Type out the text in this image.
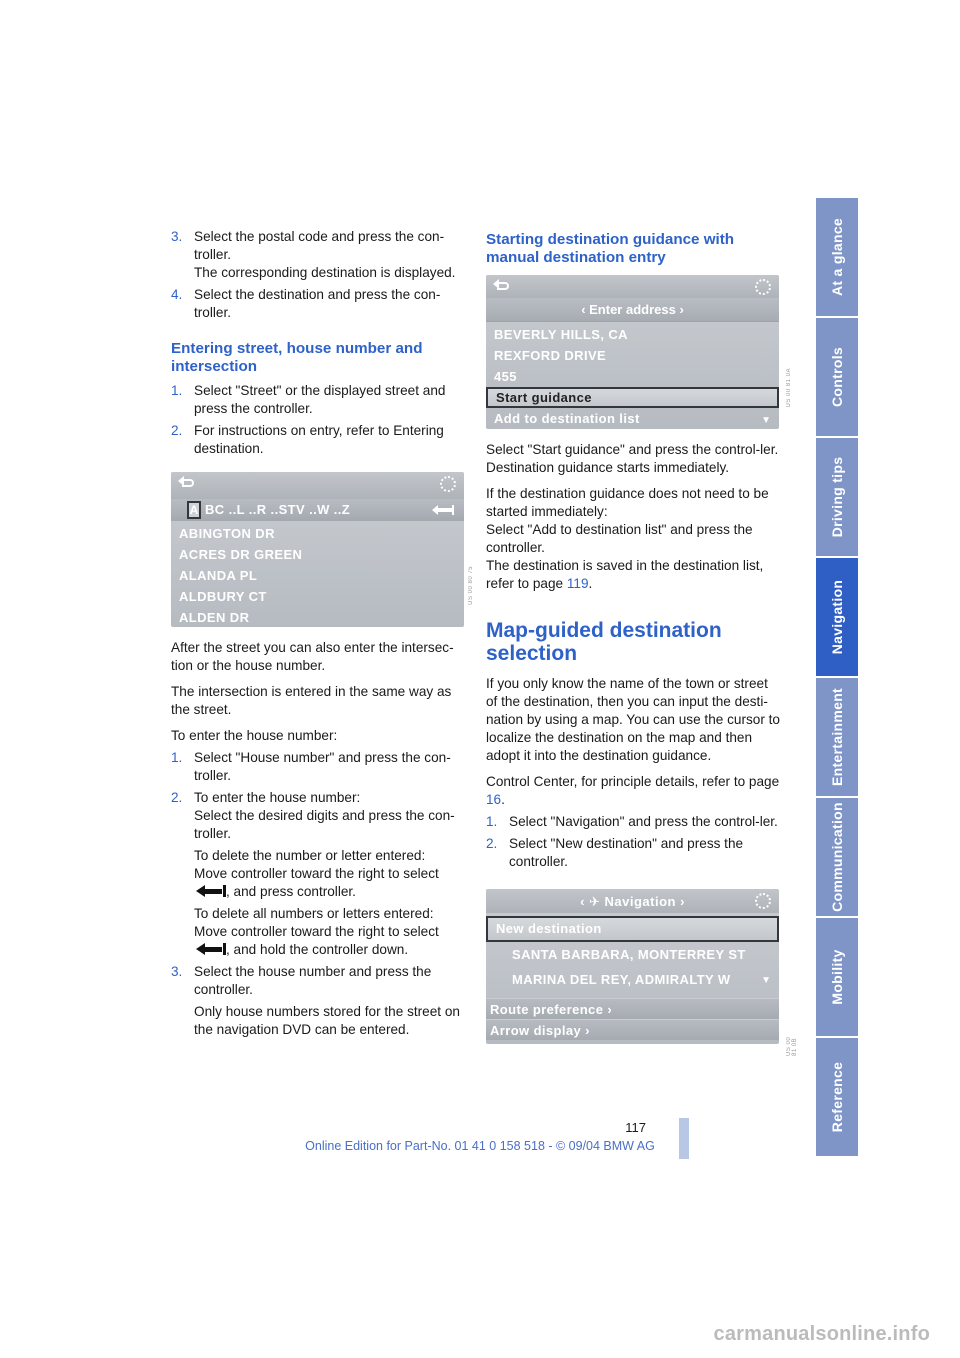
At a glance
Controls
Driving tips
Navigation
Entertainment
Communication
Mobility
Reference
3. Select the postal code and press the con-troller.
The corresponding destination is displayed.
4. Select the destination and press the con-troller.
Entering street, house number and intersection
1. Select "Street" or the displayed street and press the controller.
2. For instructions on entry, refer to Entering destination.
A BC ..L ..R ..STV ..W ..Z
ABINGTON DR
ACRES DR GREEN
ALANDA PL
ALDBURY CT
ALDEN DR
US 00 80 75

After the street you can also enter the intersec-tion or the house number.

The intersection is entered in the same way as the street.

To enter the house number:

1. Select "House number" and press the con-troller.
2. To enter the house number:
Select the desired digits and press the con-troller.
To delete the number or letter entered:
Move controller toward the right to select

, and press controller.
To delete all numbers or letters entered:
Move controller toward the right to select

, and hold the controller down.
3. Select the house number and press the controller.
Only house numbers stored for the street on the navigation DVD can be entered.
Starting destination guidance with manual destination entry
‹ Enter address ›
BEVERLY HILLS, CA
REXFORD DRIVE
455
Start guidance
Add to destination list	▼
US 00 81 0A

Select "Start guidance" and press the control-ler.

Destination guidance starts immediately.

If the destination guidance does not need to be started immediately:

Select "Add to destination list" and press the controller.

The destination is saved in the destination list, refer to page 119.

Map-guided destination selection

If you only know the name of the town or street of the destination, then you can input the desti-nation by using a map. You can use the cursor to localize the destination on the map and then adopt it into the destination guidance.

Control Center, for principle details, refer to page 16.

1. Select "Navigation" and press the control-ler.
2. Select "New destination" and press the controller.
‹ ✈ Navigation ›
New destination
SANTA BARBARA, MONTERREY ST
MARINA DEL REY, ADMIRALTY W	▼
Route preference ›
Arrow display ›
US 00 81 0B
117
Online Edition for Part-No. 01 41 0 158 518 - © 09/04 BMW AG
carmanualsonline.info
